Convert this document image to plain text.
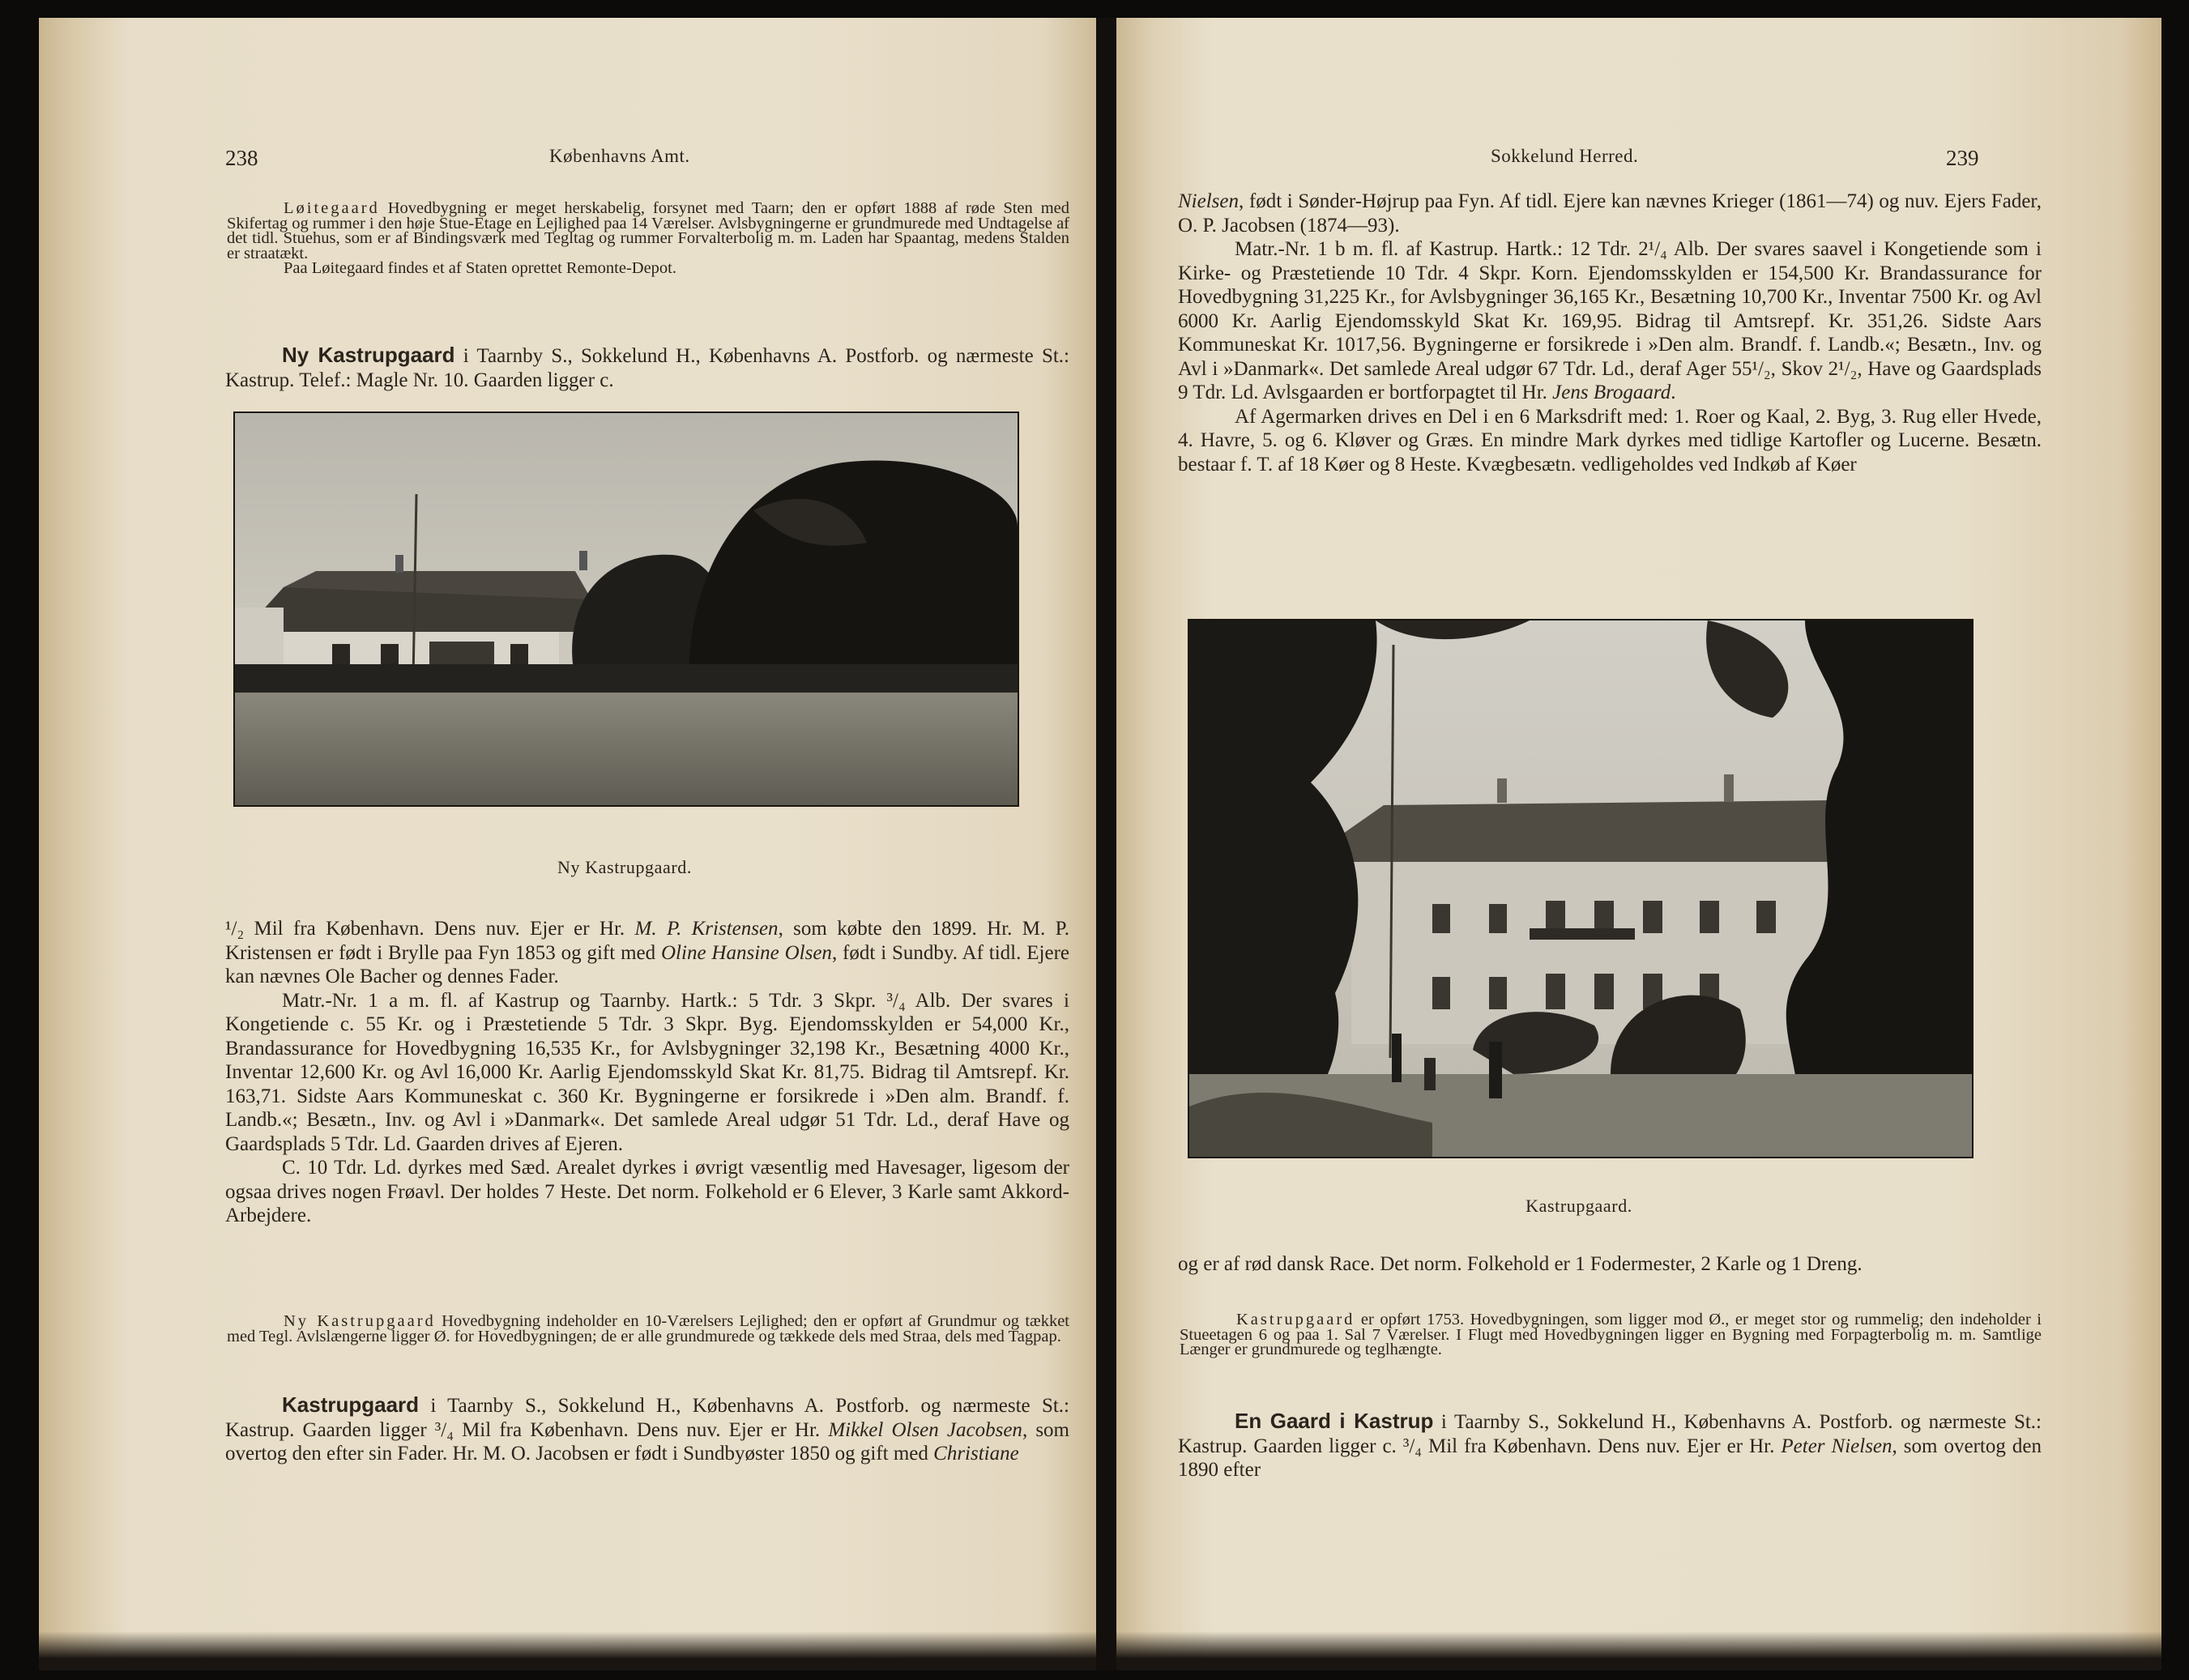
238	Københavns Amt.

Løitegaard Hovedbygning er meget herskabelig, forsynet med Taarn; den er opført 1888 af røde Sten med Skifertag og rummer i den høje Stue-Etage en Lejlighed paa 14 Værelser. Avlsbygningerne er grundmurede med Undtagelse af det tidl. Stuehus, som er af Bindingsværk med Tegltag og rummer Forvalterbolig m. m. Laden har Spaantag, medens Stalden er straatækt.

Paa Løitegaard findes et af Staten oprettet Remonte-Depot.

Ny Kastrupgaard i Taarnby S., Sokkelund H., Københavns A. Postforb. og nærmeste St.: Kastrup. Telef.: Magle Nr. 10. Gaarden ligger c.

Ny Kastrupgaard.

¹/₂ Mil fra København. Dens nuv. Ejer er Hr. M. P. Kristensen, som købte den 1899. Hr. M. P. Kristensen er født i Brylle paa Fyn 1853 og gift med Oline Hansine Olsen, født i Sundby. Af tidl. Ejere kan nævnes Ole Bacher og dennes Fader.

Matr.-Nr. 1 a m. fl. af Kastrup og Taarnby. Hartk.: 5 Tdr. 3 Skpr. ³/₄ Alb. Der svares i Kongetiende c. 55 Kr. og i Præstetiende 5 Tdr. 3 Skpr. Byg. Ejendomsskylden er 54,000 Kr., Brandassurance for Hovedbygning 16,535 Kr., for Avlsbygninger 32,198 Kr., Besætning 4000 Kr., Inventar 12,600 Kr. og Avl 16,000 Kr. Aarlig Ejendomsskyld Skat Kr. 81,75. Bidrag til Amtsrepf. Kr. 163,71. Sidste Aars Kommuneskat c. 360 Kr. Bygningerne er forsikrede i »Den alm. Brandf. f. Landb.«; Besætn., Inv. og Avl i »Danmark«. Det samlede Areal udgør 51 Tdr. Ld., deraf Have og Gaardsplads 5 Tdr. Ld. Gaarden drives af Ejeren.

C. 10 Tdr. Ld. dyrkes med Sæd. Arealet dyrkes i øvrigt væsentlig med Havesager, ligesom der ogsaa drives nogen Frøavl. Der holdes 7 Heste. Det norm. Folkehold er 6 Elever, 3 Karle samt Akkord-Arbejdere.

Ny Kastrupgaard Hovedbygning indeholder en 10-Værelsers Lejlighed; den er opført af Grundmur og tækket med Tegl. Avlslængerne ligger Ø. for Hovedbygningen; de er alle grundmurede og tækkede dels med Straa, dels med Tagpap.

Kastrupgaard i Taarnby S., Sokkelund H., Københavns A. Postforb. og nærmeste St.: Kastrup. Gaarden ligger ³/₄ Mil fra København. Dens nuv. Ejer er Hr. Mikkel Olsen Jacobsen, som overtog den efter sin Fader. Hr. M. O. Jacobsen er født i Sundbyøster 1850 og gift med Christiane

Sokkelund Herred.	239

Nielsen, født i Sønder-Højrup paa Fyn. Af tidl. Ejere kan nævnes Krieger (1861—74) og nuv. Ejers Fader, O. P. Jacobsen (1874—93).

Matr.-Nr. 1 b m. fl. af Kastrup. Hartk.: 12 Tdr. 2¹/₄ Alb. Der svares saavel i Kongetiende som i Kirke- og Præstetiende 10 Tdr. 4 Skpr. Korn. Ejendomsskylden er 154,500 Kr. Brandassurance for Hovedbygning 31,225 Kr., for Avlsbygninger 36,165 Kr., Besætning 10,700 Kr., Inventar 7500 Kr. og Avl 6000 Kr. Aarlig Ejendomsskyld Skat Kr. 169,95. Bidrag til Amtsrepf. Kr. 351,26. Sidste Aars Kommuneskat Kr. 1017,56. Bygningerne er forsikrede i »Den alm. Brandf. f. Landb.«; Besætn., Inv. og Avl i »Danmark«. Det samlede Areal udgør 67 Tdr. Ld., deraf Ager 55¹/₂, Skov 2¹/₂, Have og Gaardsplads 9 Tdr. Ld. Avlsgaarden er bortforpagtet til Hr. Jens Brogaard.

Af Agermarken drives en Del i en 6 Marksdrift med: 1. Roer og Kaal, 2. Byg, 3. Rug eller Hvede, 4. Havre, 5. og 6. Kløver og Græs. En mindre Mark dyrkes med tidlige Kartofler og Lucerne. Besætn. bestaar f. T. af 18 Køer og 8 Heste. Kvægbesætn. vedligeholdes ved Indkøb af Køer

Kastrupgaard.

og er af rød dansk Race. Det norm. Folkehold er 1 Fodermester, 2 Karle og 1 Dreng.

Kastrupgaard er opført 1753. Hovedbygningen, som ligger mod Ø., er meget stor og rummelig; den indeholder i Stueetagen 6 og paa 1. Sal 7 Værelser. I Flugt med Hovedbygningen ligger en Bygning med Forpagterbolig m. m. Samtlige Længer er grundmurede og teglhængte.

En Gaard i Kastrup i Taarnby S., Sokkelund H., Københavns A. Postforb. og nærmeste St.: Kastrup. Gaarden ligger c. ³/₄ Mil fra København. Dens nuv. Ejer er Hr. Peter Nielsen, som overtog den 1890 efter
